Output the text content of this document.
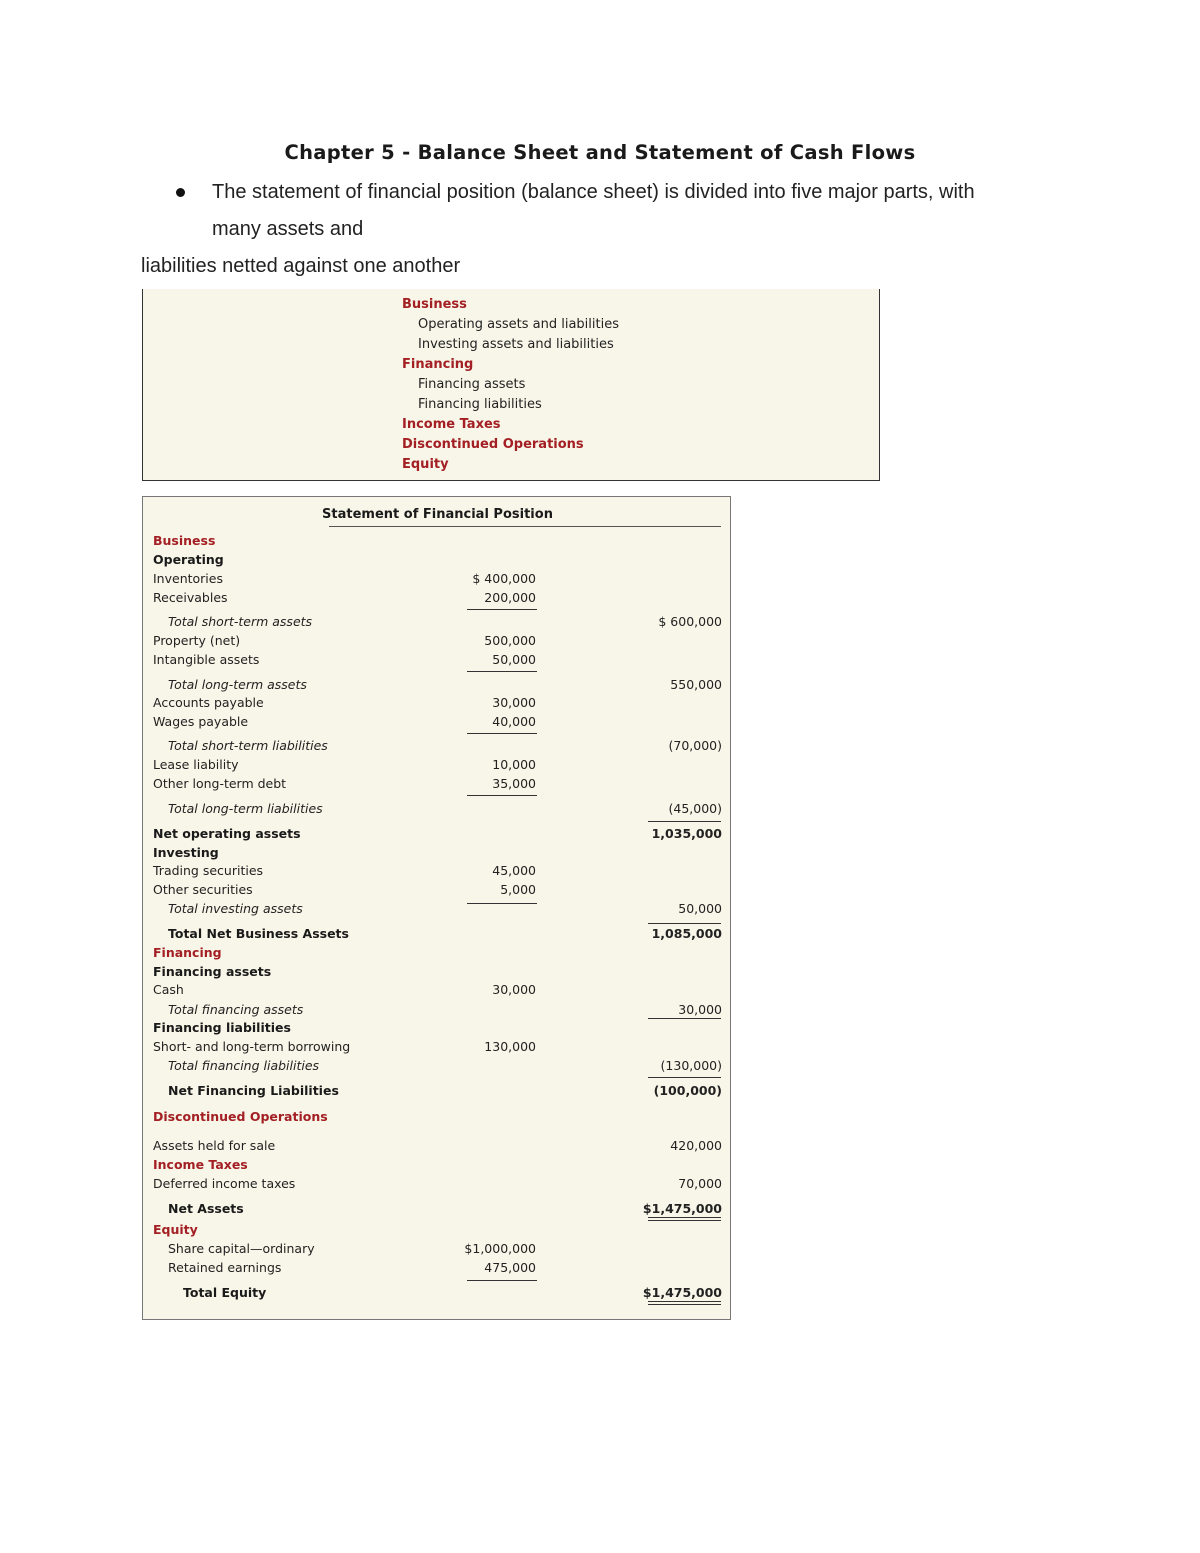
Chapter 5 - Balance Sheet and Statement of Cash Flows
The statement of financial position (balance sheet) is divided into five major parts, with
many assets and
liabilities netted against one another
Business
Operating assets and liabilities
Investing assets and liabilities
Financing
Financing assets
Financing liabilities
Income Taxes
Discontinued Operations
Equity
Statement of Financial Position
Business
Operating
Inventories	$ 400,000
Receivables	200,000
Total short-term assets	$ 600,000
Property (net)	500,000
Intangible assets	50,000
Total long-term assets	550,000
Accounts payable	30,000
Wages payable	40,000
Total short-term liabilities	(70,000)
Lease liability	10,000
Other long-term debt	35,000
Total long-term liabilities	(45,000)
Net operating assets	1,035,000
Investing
Trading securities	45,000
Other securities	5,000
Total investing assets	50,000
Total Net Business Assets	1,085,000
Financing
Financing assets
Cash	30,000
Total financing assets	30,000
Financing liabilities
Short- and long-term borrowing	130,000
Total financing liabilities	(130,000)
Net Financing Liabilities	(100,000)
Discontinued Operations
Assets held for sale	420,000
Income Taxes
Deferred income taxes	70,000
Net Assets	$1,475,000
Equity
Share capital—ordinary	$1,000,000
Retained earnings	475,000
Total Equity	$1,475,000
